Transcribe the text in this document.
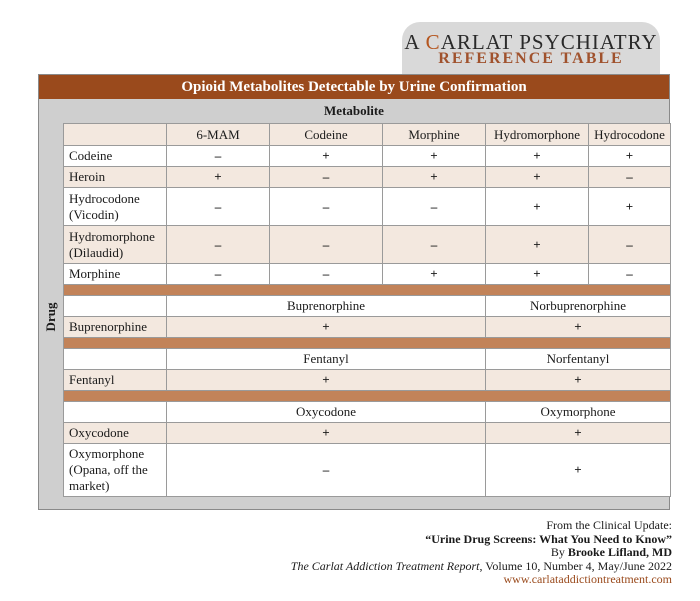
A CARLAT PSYCHIATRY
REFERENCE TABLE
Opioid Metabolites Detectable by Urine Confirmation
Metabolite
Drug
	6-MAM	Codeine	Morphine	Hydromorphone	Hydrocodone
Codeine	–	+	+	+	+
Heroin	+	–	+	+	–
Hydrocodone (Vicodin)	–	–	–	+	+
Hydromorphone (Dilaudid)	–	–	–	+	–
Morphine	–	–	+	+	–

	Buprenorphine			Norbuprenorphine	
Buprenorphine	+			+	

	Fentanyl			Norfentanyl	
Fentanyl	+			+	

	Oxycodone			Oxymorphone	
Oxycodone	+			+	
Oxymorphone (Opana, off the market)	–			+	
From the Clinical Update:
“Urine Drug Screens: What You Need to Know”
By Brooke Lifland, MD
The Carlat Addiction Treatment Report, Volume 10, Number 4, May/June 2022
www.carlataddictiontreatment.com
